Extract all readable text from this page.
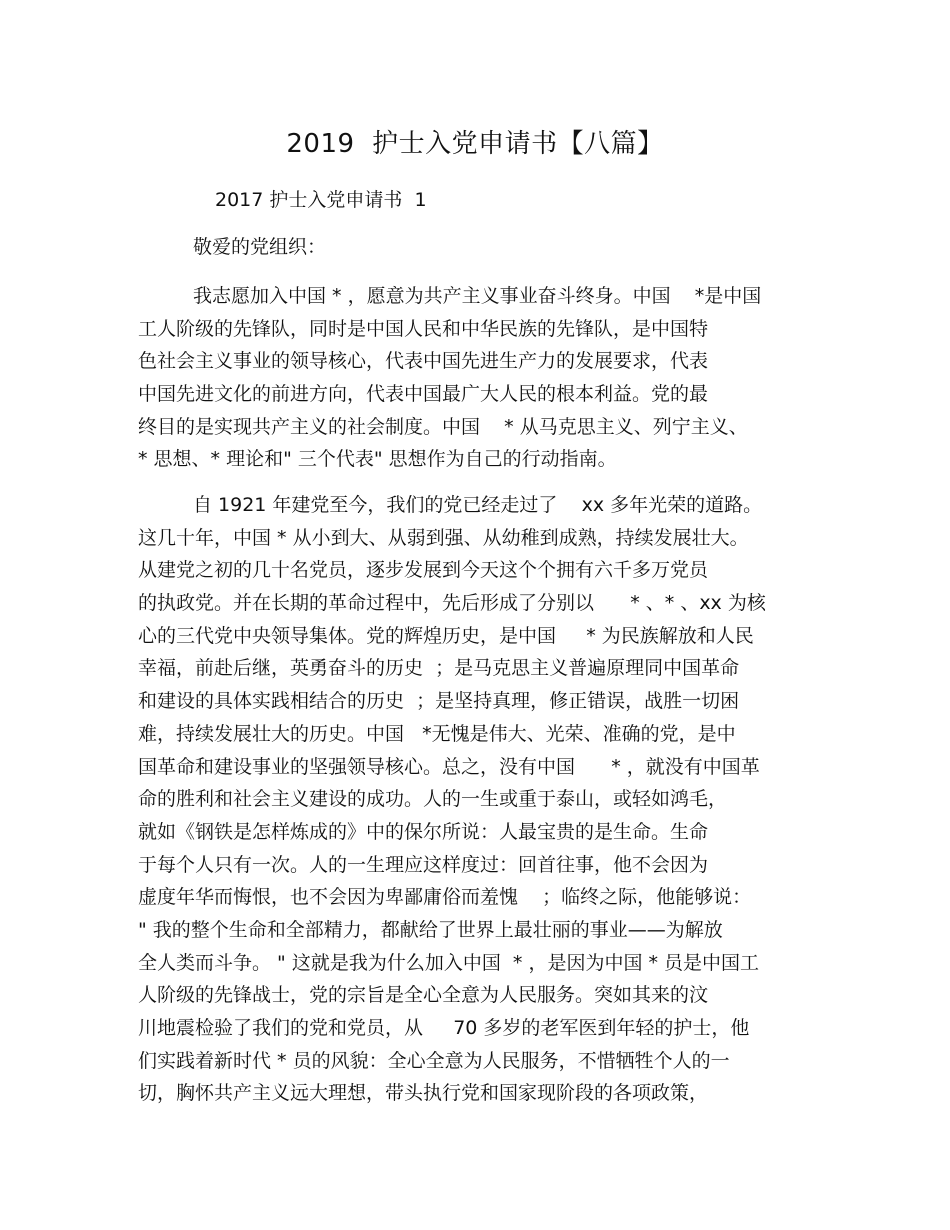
2019  护士入党申请书【八篇】
2017 护士入党申请书  1
敬爱的党组织：
我志愿加入中国 * ，愿意为共产主义事业奋斗终身。中国    *是中国
工人阶级的先锋队，同时是中国人民和中华民族的先锋队，是中国特
色社会主义事业的领导核心，代表中国先进生产力的发展要求，代表
中国先进文化的前进方向，代表中国最广大人民的根本利益。党的最
终目的是实现共产主义的社会制度。中国    * 从马克思主义、列宁主义、
* 思想、* 理论和" 三个代表" 思想作为自己的行动指南。
自 1921 年建党至今，我们的党已经走过了    xx 多年光荣的道路。
这几十年，中国 * 从小到大、从弱到强、从幼稚到成熟，持续发展壮大。
从建党之初的几十名党员，逐步发展到今天这个个拥有六千多万党员
的执政党。并在长期的革命过程中，先后形成了分别以      * 、* 、xx 为核
心的三代党中央领导集体。党的辉煌历史，是中国     * 为民族解放和人民
幸福，前赴后继，英勇奋斗的历史  ；是马克思主义普遍原理同中国革命
和建设的具体实践相结合的历史  ；是坚持真理，修正错误，战胜一切困
难，持续发展壮大的历史。中国   *无愧是伟大、光荣、准确的党，是中
国革命和建设事业的坚强领导核心。总之，没有中国      * ，就没有中国革
命的胜利和社会主义建设的成功。人的一生或重于泰山，或轻如鸿毛，
就如《钢铁是怎样炼成的》中的保尔所说：人最宝贵的是生命。生命
于每个人只有一次。人的一生理应这样度过：回首往事，他不会因为
虚度年华而悔恨，也不会因为卑鄙庸俗而羞愧    ；临终之际，他能够说：
" 我的整个生命和全部精力，都献给了世界上最壮丽的事业——为解放
全人类而斗争。 " 这就是我为什么加入中国  * ，是因为中国 * 员是中国工
人阶级的先锋战士，党的宗旨是全心全意为人民服务。突如其来的汶
川地震检验了我们的党和党员，从     70 多岁的老军医到年轻的护士，他
们实践着新时代 * 员的风貌：全心全意为人民服务，不惜牺牲个人的一
切，胸怀共产主义远大理想，带头执行党和国家现阶段的各项政策，
